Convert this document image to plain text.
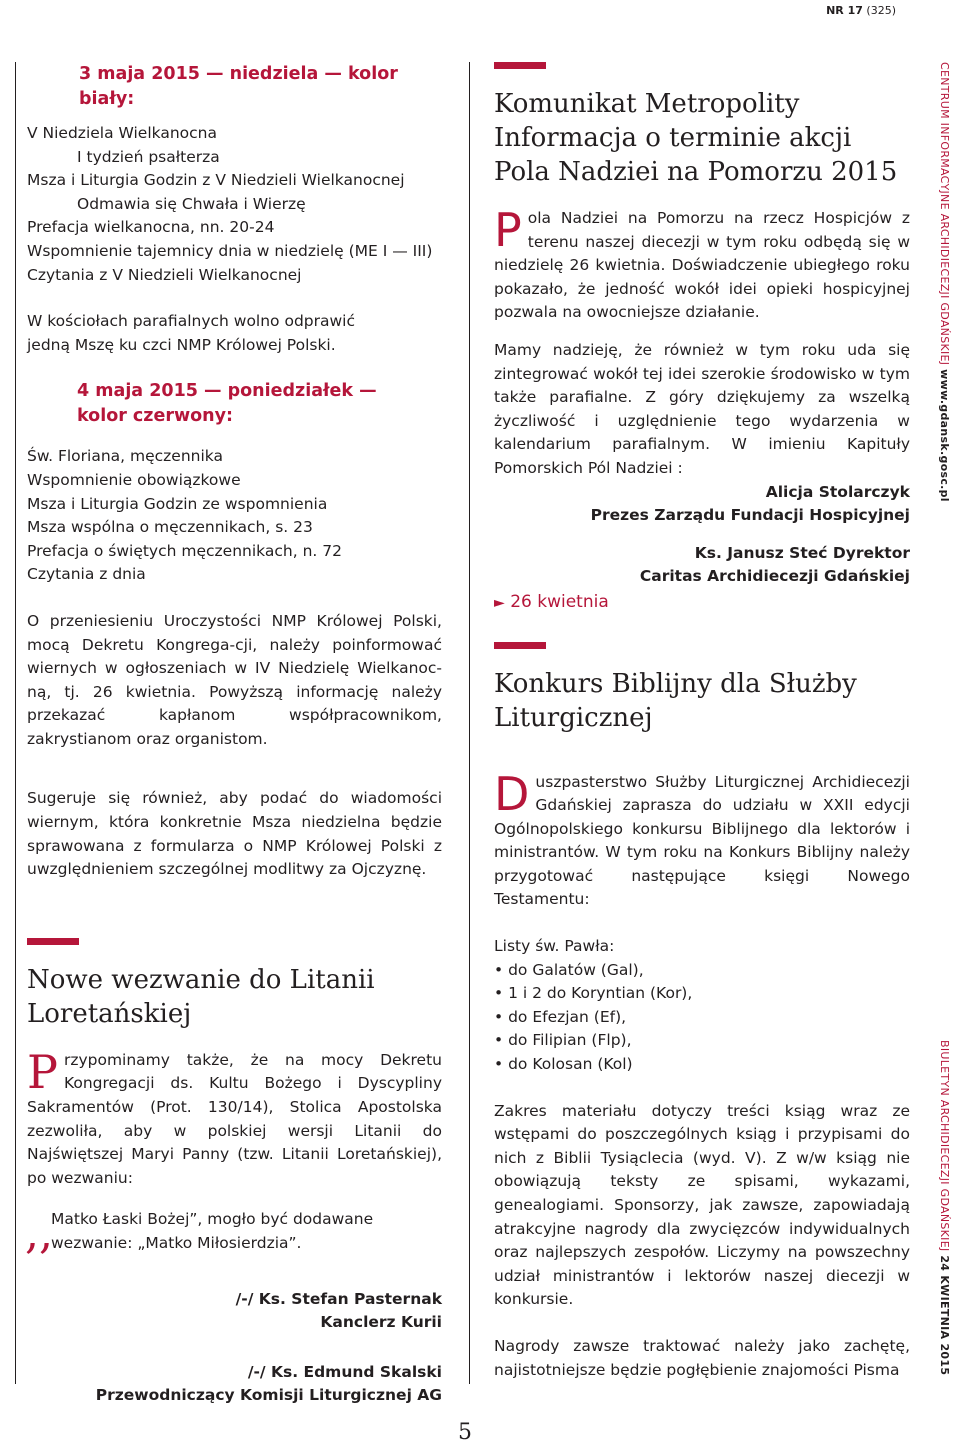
NR 17 (325)
3 maja 2015 — niedziela — kolor biały:
V Niedziela Wielkanocna
I tydzień psałterza
Msza i Liturgia Godzin z V Niedzieli Wielkanocnej
Odmawia się Chwała i Wierzę
Prefacja wielkanocna, nn. 20-24
Wspomnienie tajemnicy dnia w niedzielę (ME I — III)
Czytania z V Niedzieli Wielkanocnej
W kościołach parafialnych wolno odprawić
jedną Mszę ku czci NMP Królowej Polski.
4 maja 2015 — poniedziałek — kolor czerwony:
Św. Floriana, męczennika
Wspomnienie obowiązkowe
Msza i Liturgia Godzin ze wspomnienia
Msza wspólna o męczennikach, s. 23
Prefacja o świętych męczennikach, n. 72
Czytania z dnia

O przeniesieniu Uroczystości NMP Królowej Polski, mocą Dekretu Kongrega-cji, należy poinformować wiernych w ogłoszeniach w IV Niedzielę Wielkanoc-ną, tj. 26 kwietnia. Powyższą informację należy przekazać kapłanom współpracownikom, zakrystianom oraz organistom.

Sugeruje się również, aby podać do wiadomości wiernym, która konkretnie Msza niedzielna będzie sprawowana z formularza o NMP Królowej Polski z uwzględnieniem szczególnej modlitwy za Ojczyznę.

Nowe wezwanie do Litanii Loretańskiej

Przypominamy także, że na mocy Dekretu Kongregacji ds. Kultu Bożego i Dyscypliny Sakramentów (Prot. 130/14), Stolica Apostolska zezwoliła, aby w polskiej wersji Litanii do Najświętszej Maryi Panny (tzw. Litanii Loretańskiej), po wezwaniu:

,,
Matko Łaski Bożej”, mogło być dodawane wezwanie: „Matko Miłosierdzia”.
/-/ Ks. Stefan Pasternak
Kanclerz Kurii
/-/ Ks. Edmund Skalski
Przewodniczący Komisji Liturgicznej AG
Komunikat Metropolity Informacja o terminie akcji Pola Nadziei na Pomorzu 2015

Pola Nadziei na Pomorzu na rzecz Hospicjów z terenu naszej diecezji w tym roku odbędą się w niedzielę 26 kwietnia. Doświadczenie ubiegłego roku pokazało, że jedność wokół idei opieki hospicyjnej pozwala na owocniejsze działanie.

Mamy nadzieję, że również w tym roku uda się zintegrować wokół tej idei szerokie środowisko w tym także parafialne. Z góry dziękujemy za wszelką życzliwość i uzględnienie tego wydarzenia w kalendarium parafialnym. W imieniu Kapituły Pomorskich Pól Nadziei :

Alicja Stolarczyk
Prezes Zarządu Fundacji Hospicyjnej
Ks. Janusz Steć Dyrektor
Caritas Archidiecezji Gdańskiej
► 26 kwietnia
Konkurs Biblijny dla Służby Liturgicznej

Duszpasterstwo Służby Liturgicznej Archidiecezji Gdańskiej zaprasza do udziału w XXII edycji Ogólnopolskiego konkursu Biblijnego dla lektorów i ministrantów. W tym roku na Konkurs Biblijny należy przygotować następujące księgi Nowego Testamentu:

Listy św. Pawła:
• do Galatów (Gal),
• 1 i 2 do Koryntian (Kor),
• do Efezjan (Ef),
• do Filipian (Flp),
• do Kolosan (Kol)

Zakres materiału dotyczy treści ksiąg wraz ze wstępami do poszczególnych ksiąg i przypisami do nich z Biblii Tysiąclecia (wyd. V). Z w/w ksiąg nie obowiązują teksty ze spisami, wykazami, genealogiami. Sponsorzy, jak zawsze, zapowiadają atrakcyjne nagrody dla zwycięzców indywidualnych oraz najlepszych zespołów. Liczymy na powszechny udział ministrantów i lektorów naszej diecezji w konkursie.

Nagrody zawsze traktować należy jako zachętę, najistotniejsze będzie pogłębienie znajomości Pisma

CENTRUM INFORMACYJNE ARCHIDIECEZJI GDAŃSKIEJ www.gdansk.gosc.pl
BIULETYN ARCHIDIECEZJI GDAŃSKIEJ 24 KWIETNIA 2015
5
